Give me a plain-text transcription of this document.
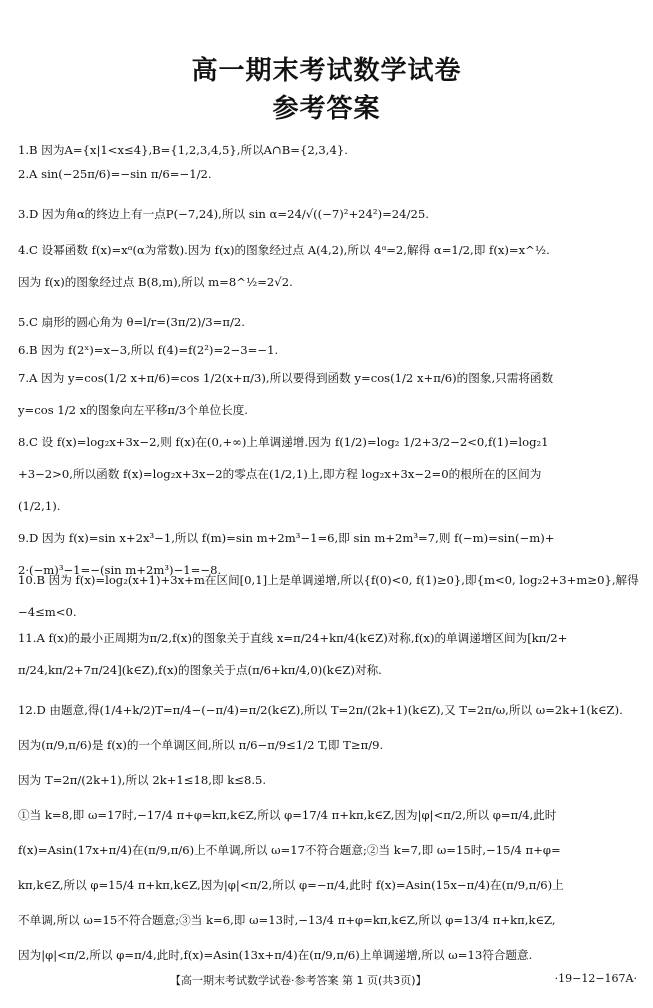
高一期末考试数学试卷
参考答案
1.B 因为A={x|1<x≤4},B={1,2,3,4,5},所以A∩B={2,3,4}.
2.A sin(−25π/6)=−sin π/6=−1/2.
3.D 因为角α的终边上有一点P(−7,24),所以 sin α=24/√((−7)²+24²)=24/25.
4.C 设幂函数 f(x)=xᵅ(α为常数).因为 f(x)的图象经过点 A(4,2),所以 4ᵅ=2,解得 α=1/2,即 f(x)=x^½.
因为 f(x)的图象经过点 B(8,m),所以 m=8^½=2√2.
5.C 扇形的圆心角为 θ=l/r=(3π/2)/3=π/2.
6.B 因为 f(2ˣ)=x−3,所以 f(4)=f(2²)=2−3=−1.
7.A 因为 y=cos(1/2 x+π/6)=cos 1/2(x+π/3),所以要得到函数 y=cos(1/2 x+π/6)的图象,只需将函数
y=cos 1/2 x的图象向左平移π/3个单位长度.
8.C 设 f(x)=log₂x+3x−2,则 f(x)在(0,+∞)上单调递增.因为 f(1/2)=log₂ 1/2+3/2−2<0,f(1)=log₂1
+3−2>0,所以函数 f(x)=log₂x+3x−2的零点在(1/2,1)上,即方程 log₂x+3x−2=0的根所在的区间为
(1/2,1).
9.D 因为 f(x)=sin x+2x³−1,所以 f(m)=sin m+2m³−1=6,即 sin m+2m³=7,则 f(−m)=sin(−m)+
2·(−m)³−1=−(sin m+2m³)−1=−8.
10.B 因为 f(x)=log₂(x+1)+3x+m在区间[0,1]上是单调递增,所以{f(0)<0, f(1)≥0},即{m<0, log₂2+3+m≥0},解得
−4≤m<0.
11.A f(x)的最小正周期为π/2,f(x)的图象关于直线 x=π/24+kπ/4(k∈Z)对称,f(x)的单调递增区间为[kπ/2+
π/24,kπ/2+7π/24](k∈Z),f(x)的图象关于点(π/6+kπ/4,0)(k∈Z)对称.
12.D 由题意,得(1/4+k/2)T=π/4−(−π/4)=π/2(k∈Z),所以 T=2π/(2k+1)(k∈Z),又 T=2π/ω,所以 ω=2k+1(k∈Z).
因为(π/9,π/6)是 f(x)的一个单调区间,所以 π/6−π/9≤1/2 T,即 T≥π/9.
因为 T=2π/(2k+1),所以 2k+1≤18,即 k≤8.5.
①当 k=8,即 ω=17时,−17/4 π+φ=kπ,k∈Z,所以 φ=17/4 π+kπ,k∈Z,因为|φ|<π/2,所以 φ=π/4,此时
f(x)=Asin(17x+π/4)在(π/9,π/6)上不单调,所以 ω=17不符合题意;②当 k=7,即 ω=15时,−15/4 π+φ=
kπ,k∈Z,所以 φ=15/4 π+kπ,k∈Z,因为|φ|<π/2,所以 φ=−π/4,此时 f(x)=Asin(15x−π/4)在(π/9,π/6)上
不单调,所以 ω=15不符合题意;③当 k=6,即 ω=13时,−13/4 π+φ=kπ,k∈Z,所以 φ=13/4 π+kπ,k∈Z,
因为|φ|<π/2,所以 φ=π/4,此时,f(x)=Asin(13x+π/4)在(π/9,π/6)上单调递增,所以 ω=13符合题意.
【高一期末考试数学试卷·参考答案 第 1 页(共3页)】	·19−12−167A·
